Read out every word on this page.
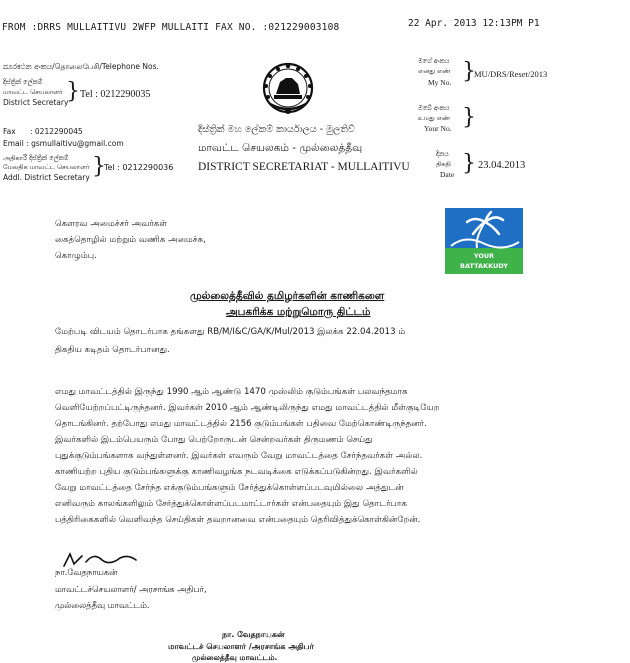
FROM :DRRS MULLAITIVU 2WFP MULLAITI FAX NO. :021229003108	22 Apr. 2013 12:13PM P1
ದೂරಕථන අංකය/தொலைபேசி/Telephone Nos.
දිස්ත්‍රික් ලේකම්
மாவட்ட செயலாளர்
District Secretary
} Tel : 0212290035
Fax : 0212290045
Email : gsmullaitivu@gmail.com
அதிகாරී දිස්ත්‍රික් ලේකම්
மேலதிக மாவட்ட செயலாளர்
Addl. District Secretary }
Tel : 0212290036
දිස්ත්‍රික් මහ ලේකම් කාර්යාලය - මුලතිව්
மாவட்ட செயலகம் - முல்லைத்தீவு
DISTRICT SECRETARIAT - MULLAITIVU
මගේ අංකය
எனது எண்
My No. }
MU/DRS/Reset/2013
ඔබේ අංකය
உமது எண்
Your No. }
දිනය
திகதி
Date } 23.04.2013
YOUR
BATTAKKUDY
கௌரவ அமைச்சர் அவர்கள்
கைத்தொழில் மற்றும் வணிக அமைச்சு,
கொழும்பு.
முல்லைத்தீவில் தமிழர்களின் காணிகளை
அபகரிக்க மற்றுமொரு திட்டம்
மேற்படி விடயம் தொடர்பாக தங்களது RB/M/I&C/GA/K/Mul/2013 இலக்க 22.04.2013 ம்
திகதிய கடிதம் தொடர்பானது.
எமது மாவட்டத்தில் இருந்து 1990 ஆம் ஆண்டு 1470 முஸ்லிம் குடும்பங்கள் பலவந்தமாக
வெளியேற்றப்பட்டிருந்தனர். இவர்கள் 2010 ஆம் ஆண்டிலிருந்து எமது மாவட்டத்தில் மீள்குடியேற
தொடங்கினர். தற்போது எமது மாவட்டத்தில் 2156 குடும்பங்கள் பதிவை மேற்கொண்டிருந்தனர்.
இவர்களில் இடம்பெயரும் போது பெற்றோருடன் சென்றவர்கள் திருமணம் செய்து
புதுக்குடும்பங்களாக வந்துள்ளனர். இவர்கள் எவரும் வேறு மாவட்டத்தை சேர்ந்தவர்கள் அல்ல.
காணியற்ற புதிய குடும்பங்களுக்கு காணிவழங்க நடவடிக்கை எடுக்கப்படுகின்றது. இவர்களில்
வேறு மாவட்டத்தை சேர்ந்த எக்குடும்பங்களும் சேர்த்துக்கொள்ளப்படவுமில்லை அத்துடன்
எனிவரும் காலங்களிலும் சேர்த்துக்கொள்ளப்படமாட்டார்கள் என்பதையும் இது தொடர்பாக
பத்திரிகைகளில் வெளிவந்த செய்திகள் தவறானவை என்பதையும் தெரிவித்துக்கொள்கின்றேன்.
நா.வேதநாயகன்
மாவட்டச்செயலாளர்/ அரசாங்க அதிபர்,
முல்லைத்தீவு மாவட்டம்.
நா. வேதநாயகன்
மாவட்டச் செயலாளர் /அரசாங்க அதிபர்
முல்லைத்தீவு மாவட்டம்.
